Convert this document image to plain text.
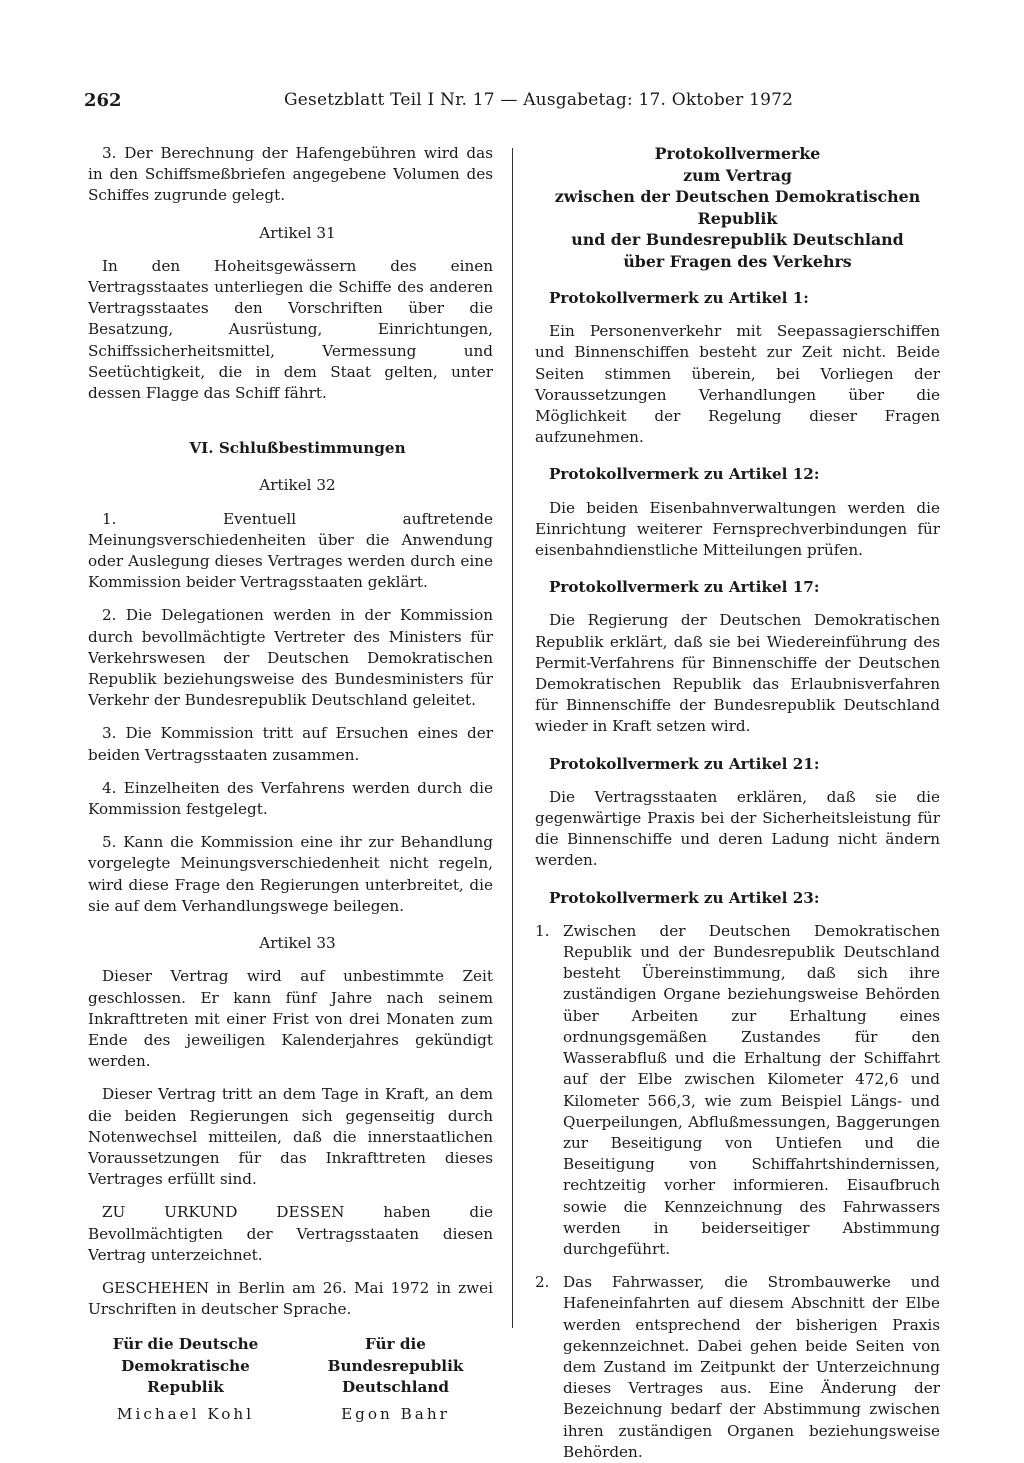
262	Gesetzblatt Teil I Nr. 17 — Ausgabetag: 17. Oktober 1972

3. Der Berechnung der Hafengebühren wird das in den Schiffsmeßbriefen angegebene Volumen des Schiffes zugrunde gelegt.

Artikel 31

In den Hoheitsgewässern des einen Vertragsstaates unterliegen die Schiffe des anderen Vertragsstaates den Vorschriften über die Besatzung, Ausrüstung, Einrichtungen, Schiffssicherheitsmittel, Vermessung und Seetüchtigkeit, die in dem Staat gelten, unter dessen Flagge das Schiff fährt.

VI. Schlußbestimmungen

Artikel 32

1. Eventuell auftretende Meinungsverschiedenheiten über die Anwendung oder Auslegung dieses Vertrages werden durch eine Kommission beider Vertragsstaaten geklärt.

2. Die Delegationen werden in der Kommission durch bevollmächtigte Vertreter des Ministers für Verkehrswesen der Deutschen Demokratischen Republik beziehungsweise des Bundesministers für Verkehr der Bundesrepublik Deutschland geleitet.

3. Die Kommission tritt auf Ersuchen eines der beiden Vertragsstaaten zusammen.

4. Einzelheiten des Verfahrens werden durch die Kommission festgelegt.

5. Kann die Kommission eine ihr zur Behandlung vorgelegte Meinungsverschiedenheit nicht regeln, wird diese Frage den Regierungen unterbreitet, die sie auf dem Verhandlungswege beilegen.

Artikel 33

Dieser Vertrag wird auf unbestimmte Zeit geschlossen. Er kann fünf Jahre nach seinem Inkrafttreten mit einer Frist von drei Monaten zum Ende des jeweiligen Kalenderjahres gekündigt werden.

Dieser Vertrag tritt an dem Tage in Kraft, an dem die beiden Regierungen sich gegenseitig durch Notenwechsel mitteilen, daß die innerstaatlichen Voraussetzungen für das Inkrafttreten dieses Vertrages erfüllt sind.

ZU URKUND DESSEN haben die Bevollmächtigten der Vertragsstaaten diesen Vertrag unterzeichnet.

GESCHEHEN in Berlin am 26. Mai 1972 in zwei Urschriften in deutscher Sprache.

Für die Deutsche Demokratische Republik
Michael Kohl
Für die Bundesrepublik Deutschland
Egon Bahr
Protokollvermerke
zum Vertrag
zwischen der Deutschen Demokratischen Republik
und der Bundesrepublik Deutschland
über Fragen des Verkehrs

Protokollvermerk zu Artikel 1:

Ein Personenverkehr mit Seepassagierschiffen und Binnenschiffen besteht zur Zeit nicht. Beide Seiten stimmen überein, bei Vorliegen der Voraussetzungen Verhandlungen über die Möglichkeit der Regelung dieser Fragen aufzunehmen.

Protokollvermerk zu Artikel 12:

Die beiden Eisenbahnverwaltungen werden die Einrichtung weiterer Fernsprechverbindungen für eisenbahndienstliche Mitteilungen prüfen.

Protokollvermerk zu Artikel 17:

Die Regierung der Deutschen Demokratischen Republik erklärt, daß sie bei Wiedereinführung des Permit-Verfahrens für Binnenschiffe der Deutschen Demokratischen Republik das Erlaubnisverfahren für Binnenschiffe der Bundesrepublik Deutschland wieder in Kraft setzen wird.

Protokollvermerk zu Artikel 21:

Die Vertragsstaaten erklären, daß sie die gegenwärtige Praxis bei der Sicherheitsleistung für die Binnenschiffe und deren Ladung nicht ändern werden.

Protokollvermerk zu Artikel 23:

1. Zwischen der Deutschen Demokratischen Republik und der Bundesrepublik Deutschland besteht Übereinstimmung, daß sich ihre zuständigen Organe beziehungsweise Behörden über Arbeiten zur Erhaltung eines ordnungsgemäßen Zustandes für den Wasserabfluß und die Erhaltung der Schiffahrt auf der Elbe zwischen Kilometer 472,6 und Kilometer 566,3, wie zum Beispiel Längs- und Querpeilungen, Abflußmessungen, Baggerungen zur Beseitigung von Untiefen und die Beseitigung von Schiffahrtshindernissen, rechtzeitig vorher informieren. Eisaufbruch sowie die Kennzeichnung des Fahrwassers werden in beiderseitiger Abstimmung durchgeführt.
2. Das Fahrwasser, die Strombauwerke und Hafeneinfahrten auf diesem Abschnitt der Elbe werden entsprechend der bisherigen Praxis gekennzeichnet. Dabei gehen beide Seiten von dem Zustand im Zeitpunkt der Unterzeichnung dieses Vertrages aus. Eine Änderung der Bezeichnung bedarf der Abstimmung zwischen ihren zuständigen Organen beziehungsweise Behörden.
